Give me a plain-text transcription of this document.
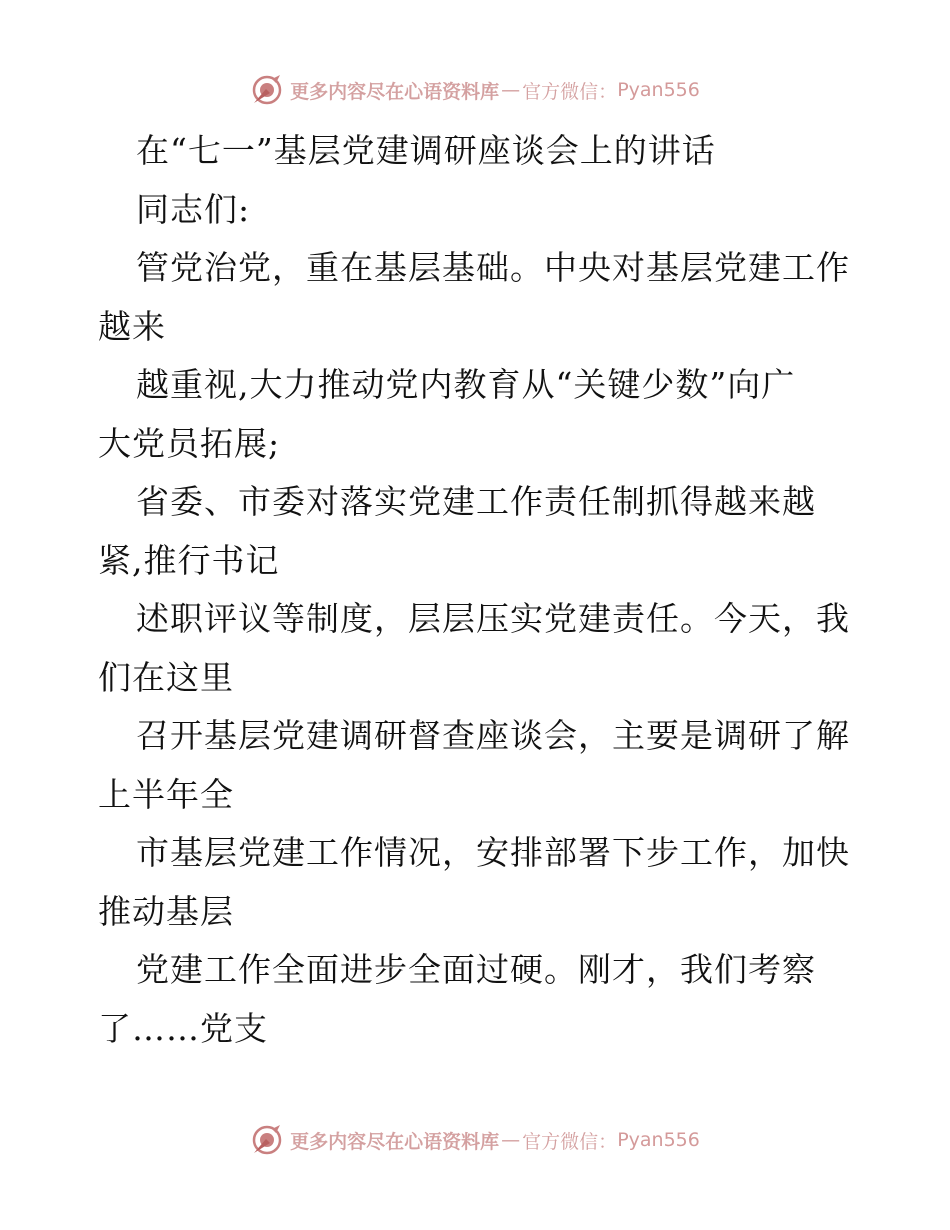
更多内容尽在心语资料库 — 官方微信： Pyan556
在“七一”基层党建调研座谈会上的讲话
同志们:
管党治党，重在基层基础。中央对基层党建工作
越来
越重视,大力推动党内教育从“关键少数”向广
大党员拓展;
省委、市委对落实党建工作责任制抓得越来越
紧,推行书记
述职评议等制度，层层压实党建责任。今天，我
们在这里
召开基层党建调研督查座谈会，主要是调研了解
上半年全
市基层党建工作情况，安排部署下步工作，加快
推动基层
党建工作全面进步全面过硬。刚才，我们考察
了……党支
更多内容尽在心语资料库 — 官方微信： Pyan556
